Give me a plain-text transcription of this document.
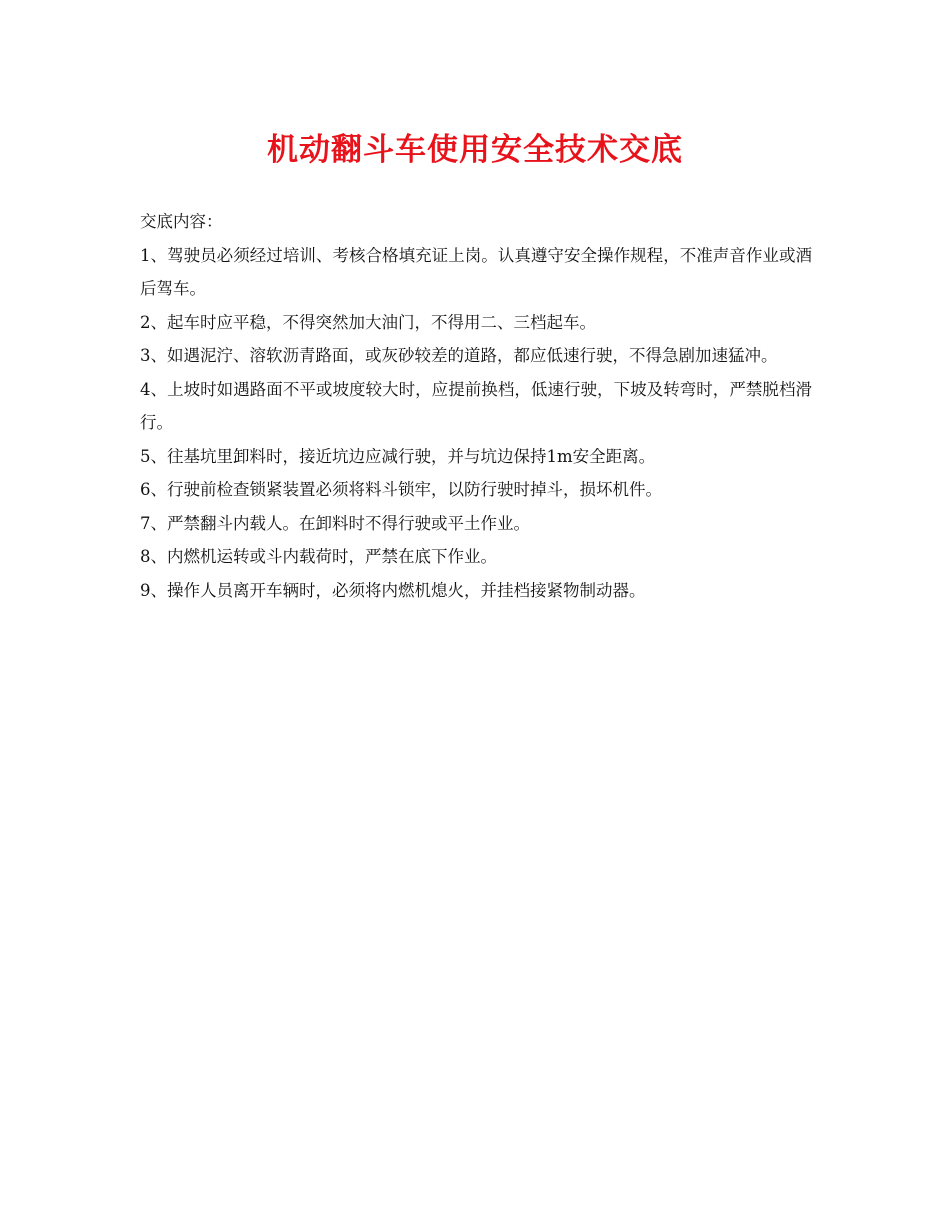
机动翻斗车使用安全技术交底

交底内容：

1、驾驶员必须经过培训、考核合格填充证上岗。认真遵守安全操作规程，不准声音作业或酒后驾车。

2、起车时应平稳，不得突然加大油门，不得用二、三档起车。

3、如遇泥泞、溶软沥青路面，或灰砂较差的道路，都应低速行驶，不得急剧加速猛冲。

4、上坡时如遇路面不平或坡度较大时，应提前换档，低速行驶，下坡及转弯时，严禁脱档滑行。

5、往基坑里卸料时，接近坑边应减行驶，并与坑边保持1m安全距离。

6、行驶前检查锁紧装置必须将料斗锁牢，以防行驶时掉斗，损坏机件。

7、严禁翻斗内载人。在卸料时不得行驶或平土作业。

8、内燃机运转或斗内载荷时，严禁在底下作业。

9、操作人员离开车辆时，必须将内燃机熄火，并挂档接紧物制动器。
